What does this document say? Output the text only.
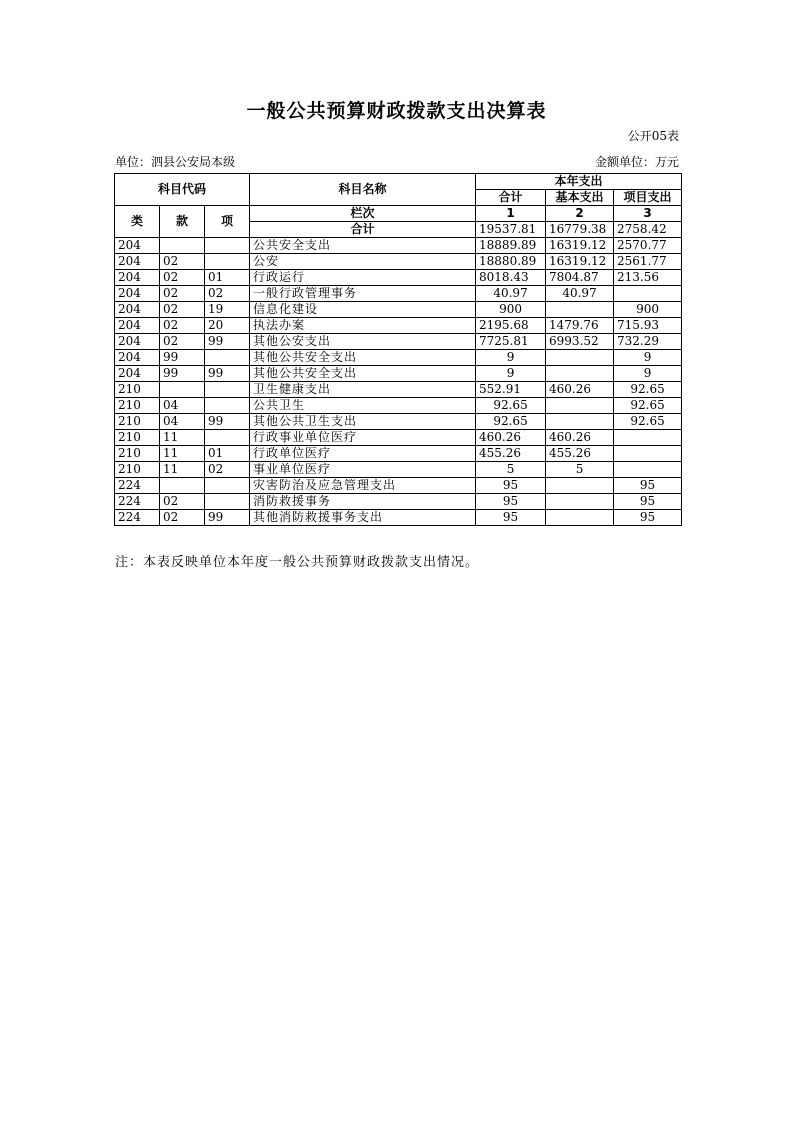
一般公共预算财政拨款支出决算表
公开05表
单位：泗县公安局本级	金额单位：万元
科目代码			科目名称	本年支出		
				合计	基本支出	项目支出
类	款	项	栏次	1	2	3
			合计	19537.81	16779.38	2758.42
204			公共安全支出	18889.89	16319.12	2570.77
204	02		公安	18880.89	16319.12	2561.77
204	02	01	行政运行	8018.43	7804.87	213.56
204	02	02	一般行政管理事务	40.97	40.97	
204	02	19	信息化建设	900		900
204	02	20	执法办案	2195.68	1479.76	715.93
204	02	99	其他公安支出	7725.81	6993.52	732.29
204	99		其他公共安全支出	9		9
204	99	99	其他公共安全支出	9		9
210			卫生健康支出	552.91	460.26	92.65
210	04		公共卫生	92.65		92.65
210	04	99	其他公共卫生支出	92.65		92.65
210	11		行政事业单位医疗	460.26	460.26	
210	11	01	行政单位医疗	455.26	455.26	
210	11	02	事业单位医疗	5	5	
224			灾害防治及应急管理支出	95		95
224	02		消防救援事务	95		95
224	02	99	其他消防救援事务支出	95		95
注：本表反映单位本年度一般公共预算财政拨款支出情况。
